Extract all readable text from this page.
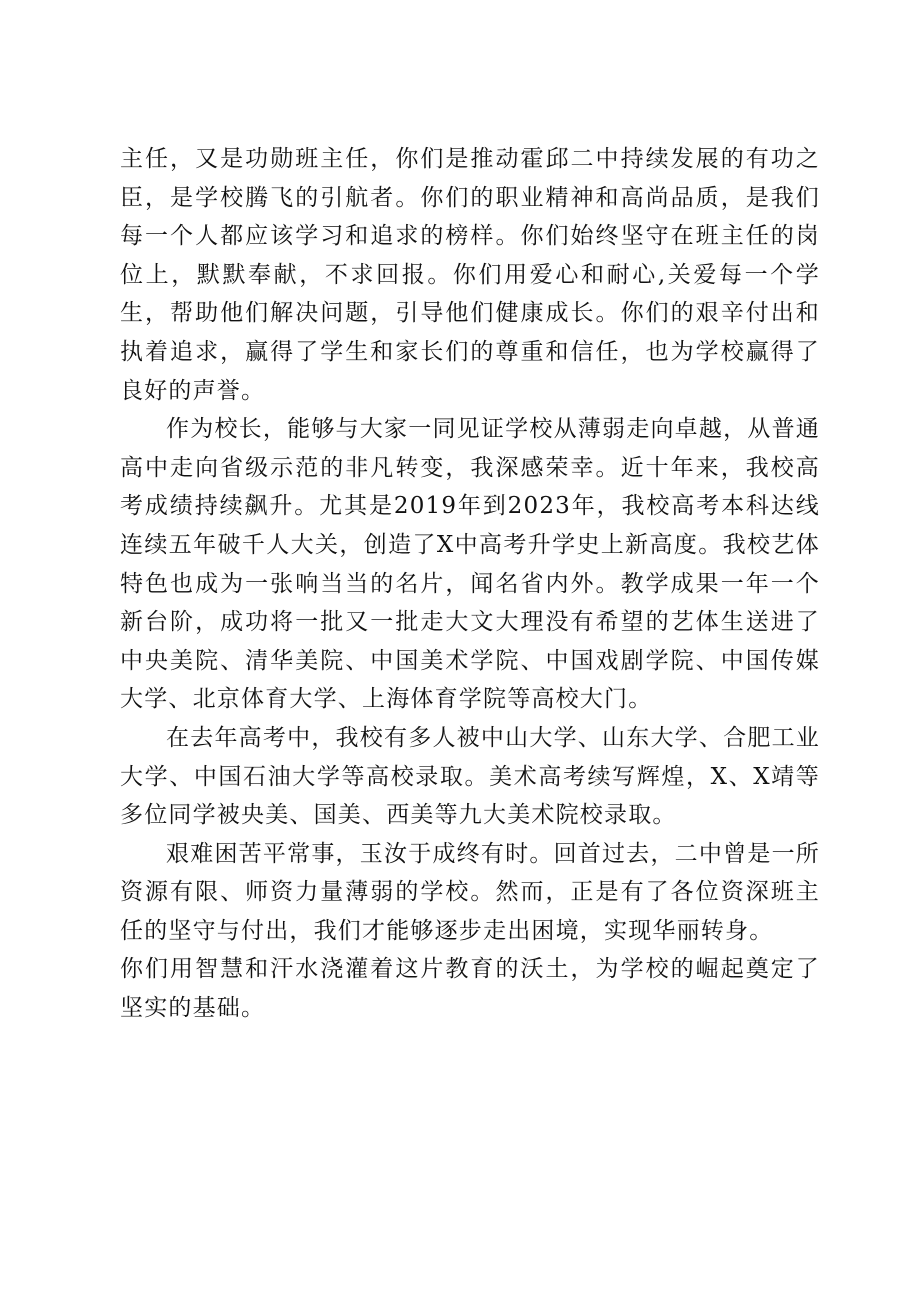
主任，又是功勋班主任，你们是推动霍邱二中持续发展的有功之臣，是学校腾飞的引航者。你们的职业精神和高尚品质，是我们每一个人都应该学习和追求的榜样。你们始终坚守在班主任的岗位上，默默奉献，不求回报。你们用爱心和耐心,关爱每一个学生，帮助他们解决问题，引导他们健康成长。你们的艰辛付出和执着追求，赢得了学生和家长们的尊重和信任，也为学校赢得了良好的声誉。

作为校长，能够与大家一同见证学校从薄弱走向卓越，从普通高中走向省级示范的非凡转变，我深感荣幸。近十年来，我校高考成绩持续飙升。尤其是2019年到2023年，我校高考本科达线连续五年破千人大关，创造了X中高考升学史上新高度。我校艺体特色也成为一张响当当的名片，闻名省内外。教学成果一年一个新台阶，成功将一批又一批走大文大理没有希望的艺体生送进了中央美院、清华美院、中国美术学院、中国戏剧学院、中国传媒大学、北京体育大学、上海体育学院等高校大门。

在去年高考中，我校有多人被中山大学、山东大学、合肥工业大学、中国石油大学等高校录取。美术高考续写辉煌，X、X靖等多位同学被央美、国美、西美等九大美术院校录取。

艰难困苦平常事，玉汝于成终有时。回首过去，二中曾是一所资源有限、师资力量薄弱的学校。然而，正是有了各位资深班主任的坚守与付出，我们才能够逐步走出困境，实现华丽转身。

你们用智慧和汗水浇灌着这片教育的沃土，为学校的崛起奠定了坚实的基础。
